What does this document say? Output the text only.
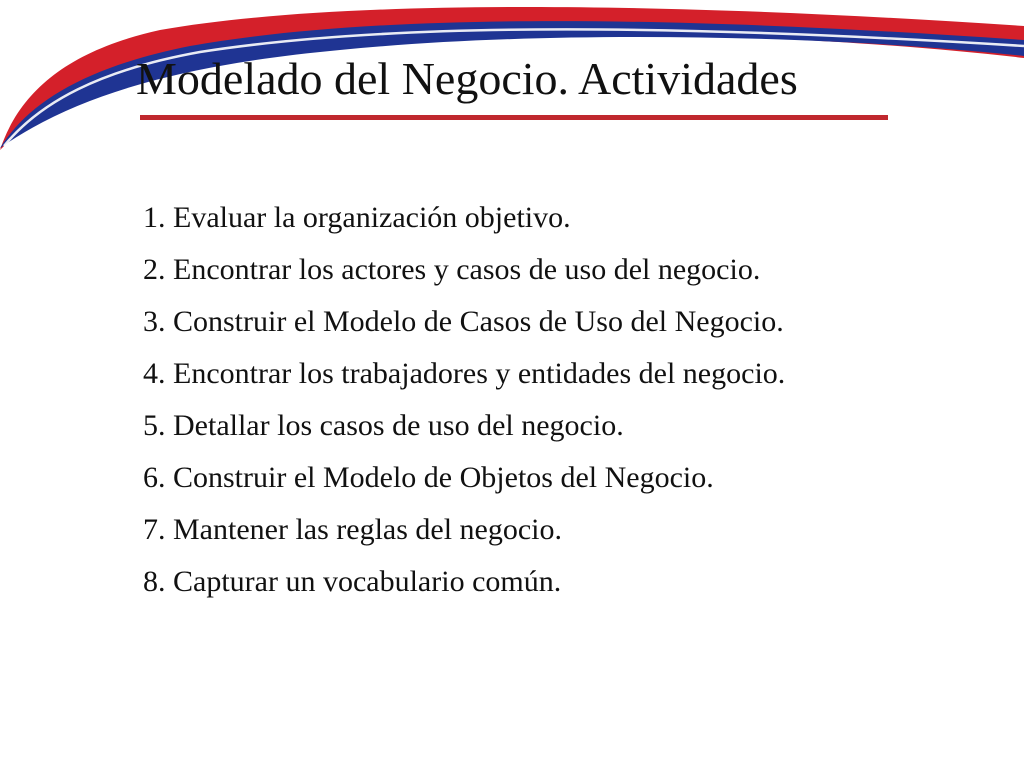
Modelado del Negocio. Actividades
1. Evaluar la organización objetivo.
2. Encontrar los actores y casos de uso del negocio.
3. Construir el Modelo de Casos de Uso del Negocio.
4. Encontrar los trabajadores y entidades del negocio.
5. Detallar los casos de uso del negocio.
6. Construir el Modelo de Objetos del Negocio.
7. Mantener las reglas del negocio.
8. Capturar un vocabulario común.
